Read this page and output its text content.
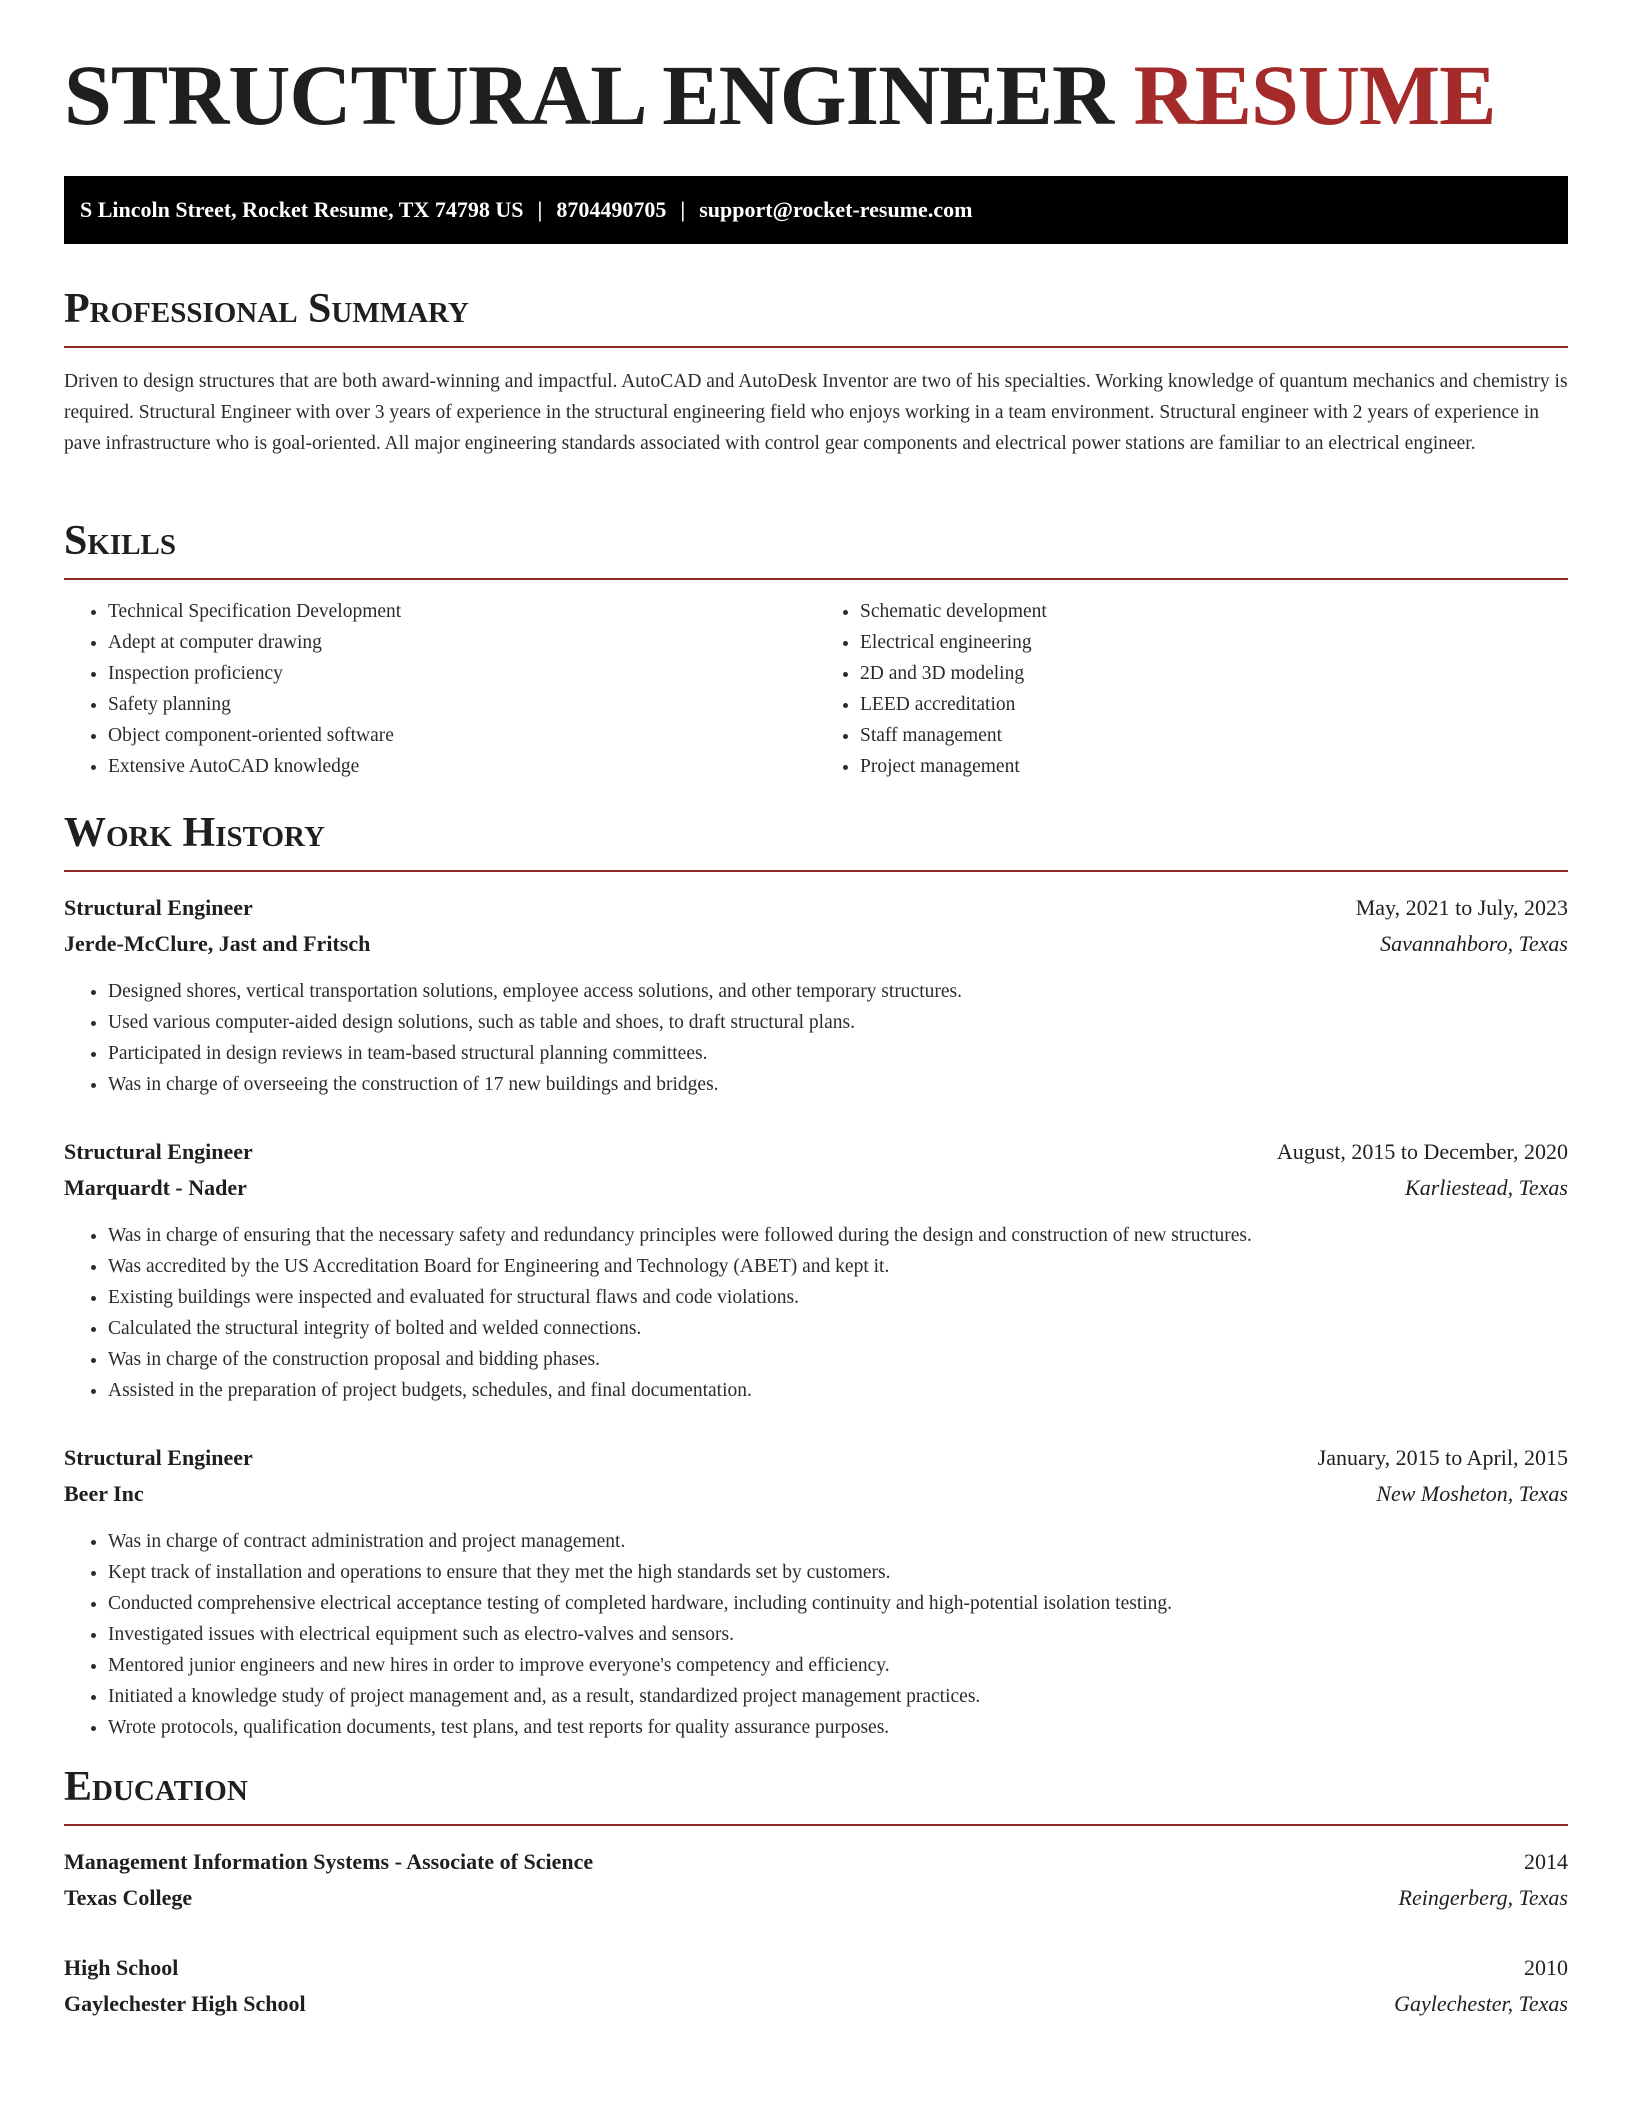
STRUCTURAL ENGINEER RESUME
S Lincoln Street, Rocket Resume, TX 74798 US | 8704490705 | support@rocket-resume.com
Professional Summary

Driven to design structures that are both award-winning and impactful. AutoCAD and AutoDesk Inventor are two of his specialties. Working knowledge of quantum mechanics and chemistry is required. Structural Engineer with over 3 years of experience in the structural engineering field who enjoys working in a team environment. Structural engineer with 2 years of experience in pave infrastructure who is goal-oriented. All major engineering standards associated with control gear components and electrical power stations are familiar to an electrical engineer.

Skills
• Technical Specification Development
• Adept at computer drawing
• Inspection proficiency
• Safety planning
• Object component-oriented software
• Extensive AutoCAD knowledge
• Schematic development
• Electrical engineering
• 2D and 3D modeling
• LEED accreditation
• Staff management
• Project management
Work History
Structural Engineer	May, 2021 to July, 2023
Jerde-McClure, Jast and Fritsch	Savannahboro, Texas
• Designed shores, vertical transportation solutions, employee access solutions, and other temporary structures.
• Used various computer-aided design solutions, such as table and shoes, to draft structural plans.
• Participated in design reviews in team-based structural planning committees.
• Was in charge of overseeing the construction of 17 new buildings and bridges.
Structural Engineer	August, 2015 to December, 2020
Marquardt - Nader	Karliestead, Texas
• Was in charge of ensuring that the necessary safety and redundancy principles were followed during the design and construction of new structures.
• Was accredited by the US Accreditation Board for Engineering and Technology (ABET) and kept it.
• Existing buildings were inspected and evaluated for structural flaws and code violations.
• Calculated the structural integrity of bolted and welded connections.
• Was in charge of the construction proposal and bidding phases.
• Assisted in the preparation of project budgets, schedules, and final documentation.
Structural Engineer	January, 2015 to April, 2015
Beer Inc	New Mosheton, Texas
• Was in charge of contract administration and project management.
• Kept track of installation and operations to ensure that they met the high standards set by customers.
• Conducted comprehensive electrical acceptance testing of completed hardware, including continuity and high-potential isolation testing.
• Investigated issues with electrical equipment such as electro-valves and sensors.
• Mentored junior engineers and new hires in order to improve everyone's competency and efficiency.
• Initiated a knowledge study of project management and, as a result, standardized project management practices.
• Wrote protocols, qualification documents, test plans, and test reports for quality assurance purposes.
Education
Management Information Systems - Associate of Science	2014
Texas College	Reingerberg, Texas
High School	2010
Gaylechester High School	Gaylechester, Texas
